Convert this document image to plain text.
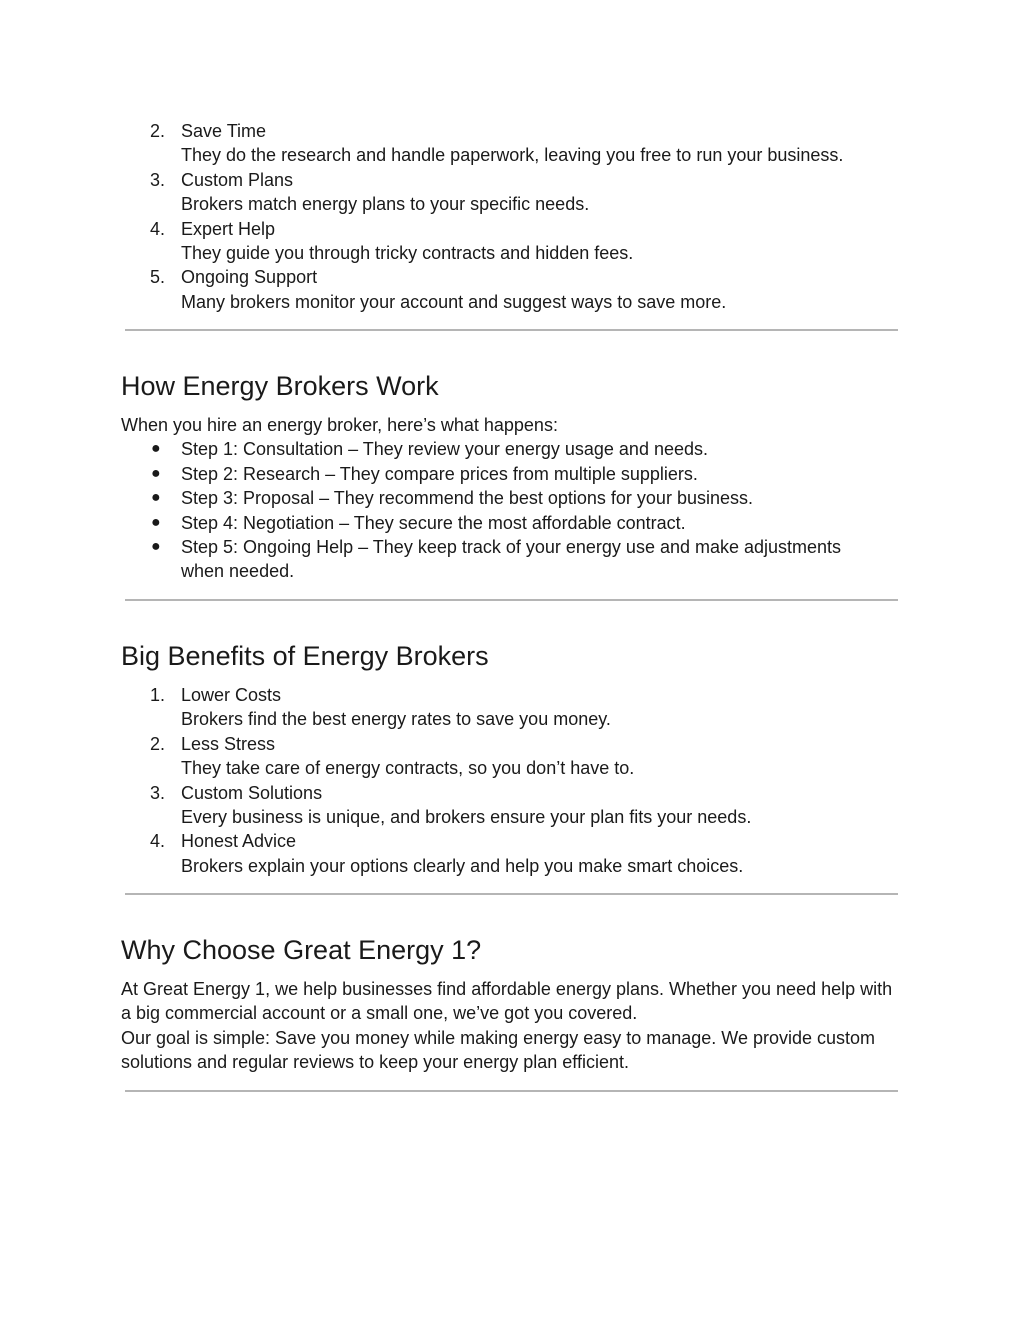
2. Save Time
They do the research and handle paperwork, leaving you free to run your business.
3. Custom Plans
Brokers match energy plans to your specific needs.
4. Expert Help
They guide you through tricky contracts and hidden fees.
5. Ongoing Support
Many brokers monitor your account and suggest ways to save more.
How Energy Brokers Work

When you hire an energy broker, here’s what happens:

● Step 1: Consultation – They review your energy usage and needs.
● Step 2: Research – They compare prices from multiple suppliers.
● Step 3: Proposal – They recommend the best options for your business.
● Step 4: Negotiation – They secure the most affordable contract.
● Step 5: Ongoing Help – They keep track of your energy use and make adjustments when needed.
Big Benefits of Energy Brokers
1. Lower Costs
Brokers find the best energy rates to save you money.
2. Less Stress
They take care of energy contracts, so you don’t have to.
3. Custom Solutions
Every business is unique, and brokers ensure your plan fits your needs.
4. Honest Advice
Brokers explain your options clearly and help you make smart choices.
Why Choose Great Energy 1?

At Great Energy 1, we help businesses find affordable energy plans. Whether you need help with a big commercial account or a small one, we’ve got you covered.

Our goal is simple: Save you money while making energy easy to manage. We provide custom solutions and regular reviews to keep your energy plan efficient.
